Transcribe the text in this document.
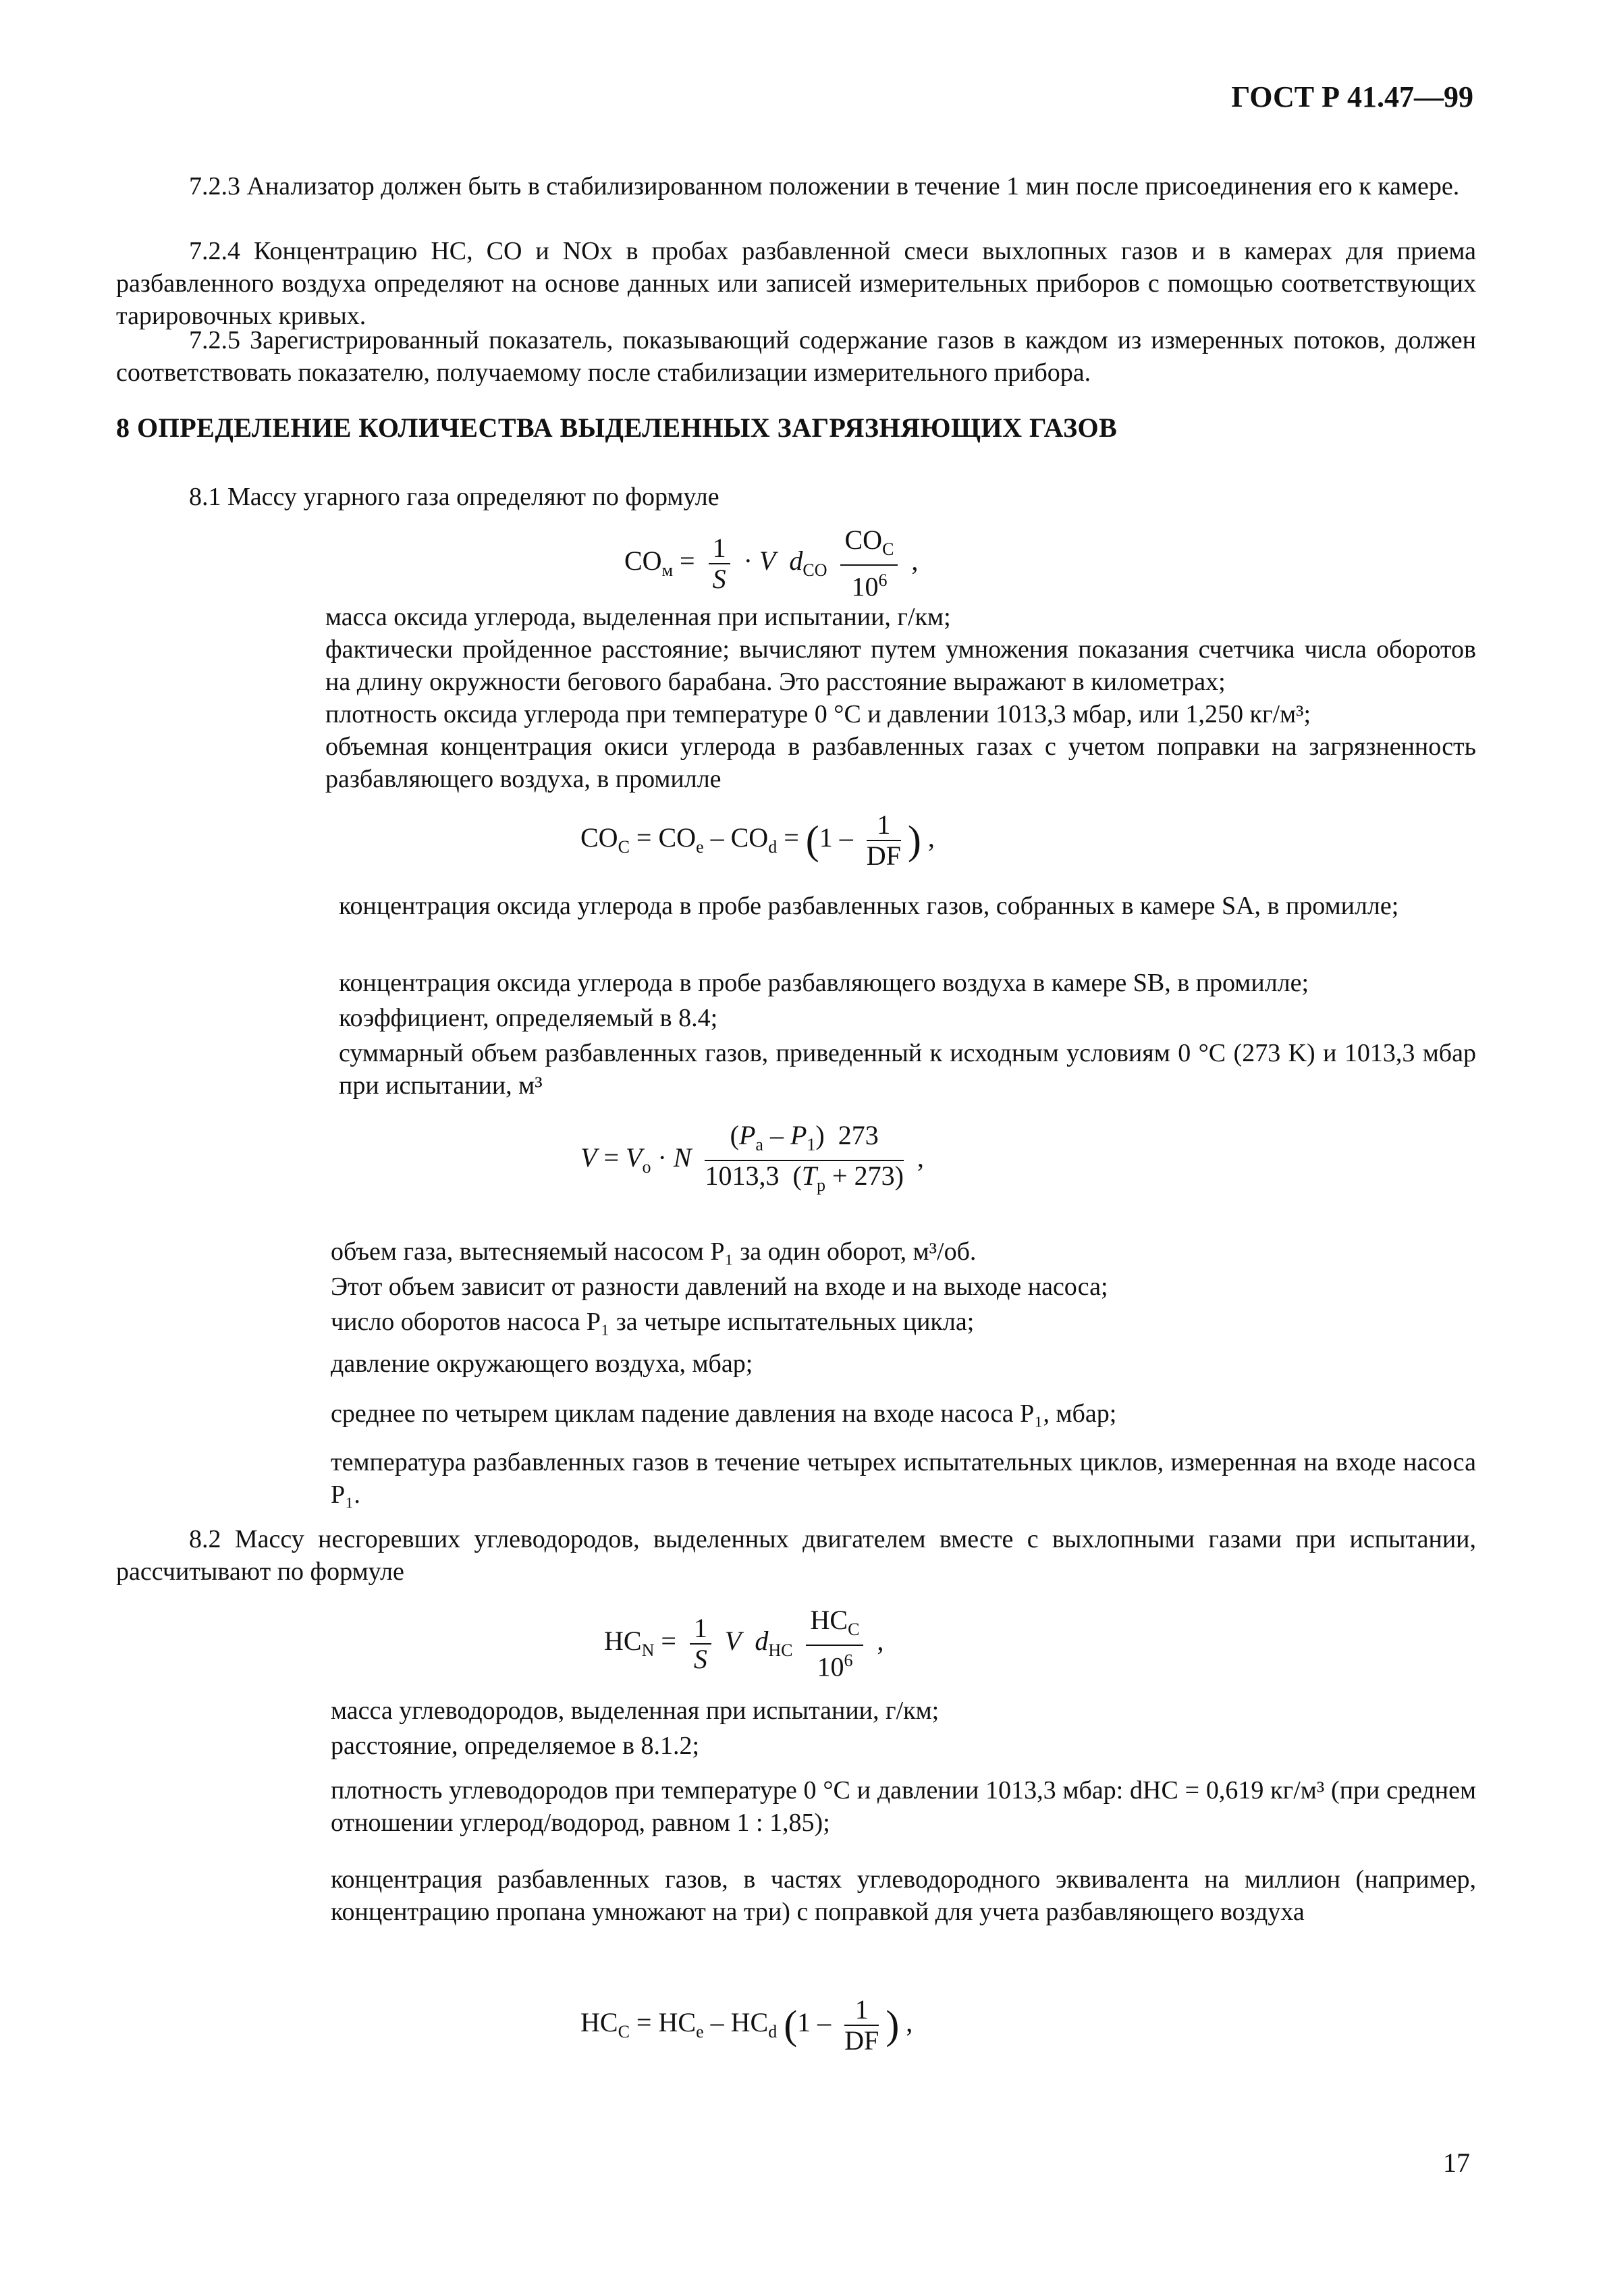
ГОСТ Р 41.47—99
7.2.3 Анализатор должен быть в стабилизированном положении в течение 1 мин после присоединения его к камере.
7.2.4 Концентрацию НС, СО и NOx в пробах разбавленной смеси выхлопных газов и в камерах для приема разбавленного воздуха определяют на основе данных или записей измерительных приборов с помощью соответствующих тарировочных кривых.
7.2.5 Зарегистрированный показатель, показывающий содержание газов в каждом из измеренных потоков, должен соответствовать показателю, получаемому после стабилизации измерительного прибора.
8 ОПРЕДЕЛЕНИЕ КОЛИЧЕСТВА ВЫДЕЛЕННЫХ ЗАГРЯЗНЯЮЩИХ ГАЗОВ
8.1 Массу угарного газа определяют по формуле
$CO_м = \frac{1}{S} \cdot V$ $d_{CO} \frac{CO_C}{10^6}$ ,
масса оксида углерода, выделенная при испытании, г/км;
фактически пройденное расстояние; вычисляют путем умножения показания счетчика числа оборотов на длину окружности бегового барабана. Это расстояние выражают в километрах;
плотность оксида углерода при температуре 0 °С и давлении 1013,3 мбар, или 1,250 кг/м³;
объемная концентрация окиси углерода в разбавленных газах с учетом поправки на загрязненность разбавляющего воздуха, в промилле
$CO_C = CO_e - CO_d = (1 - \frac{1}{DF}$ ) ,
концентрация оксида углерода в пробе разбавленных газов, собранных в камере SA, в промилле;
концентрация оксида углерода в пробе разбавляющего воздуха в камере SB, в промилле;
коэффициент, определяемый в 8.4;
суммарный объем разбавленных газов, приведенный к исходным условиям 0 °С (273 K) и 1013,3 мбар при испытании, м³
$V = V_o \cdot N \frac{(P_a - P_1) 273}{1013,3 (T_p + 273)}$ ,
объем газа, вытесняемый насосом P₁ за один оборот, м³/об.
Этот объем зависит от разности давлений на входе и на выходе насоса;
число оборотов насоса P₁ за четыре испытательных цикла;
давление окружающего воздуха, мбар;
среднее по четырем циклам падение давления на входе насоса P₁, мбар;
температура разбавленных газов в течение четырех испытательных циклов, измеренная на входе насоса P₁.
8.2 Массу несгоревших углеводородов, выделенных двигателем вместе с выхлопными газами при испытании, рассчитывают по формуле
$HC_N = \frac{1}{S}$ V $d_{HC} \frac{HC_C}{10^6}$ ,
масса углеводородов, выделенная при испытании, г/км;
расстояние, определяемое в 8.1.2;
плотность углеводородов при температуре 0 °С и давлении 1013,3 мбар: dHC = 0,619 кг/м³ (при среднем отношении углерод/водород, равном 1 : 1,85);
концентрация разбавленных газов, в частях углеводородного эквивалента на миллион (например, концентрацию пропана умножают на три) с поправкой для учета разбавляющего воздуха
$HC_C = HC_e - HC_d$ ($1 - \frac{1}{DF}$ ) ,
17
